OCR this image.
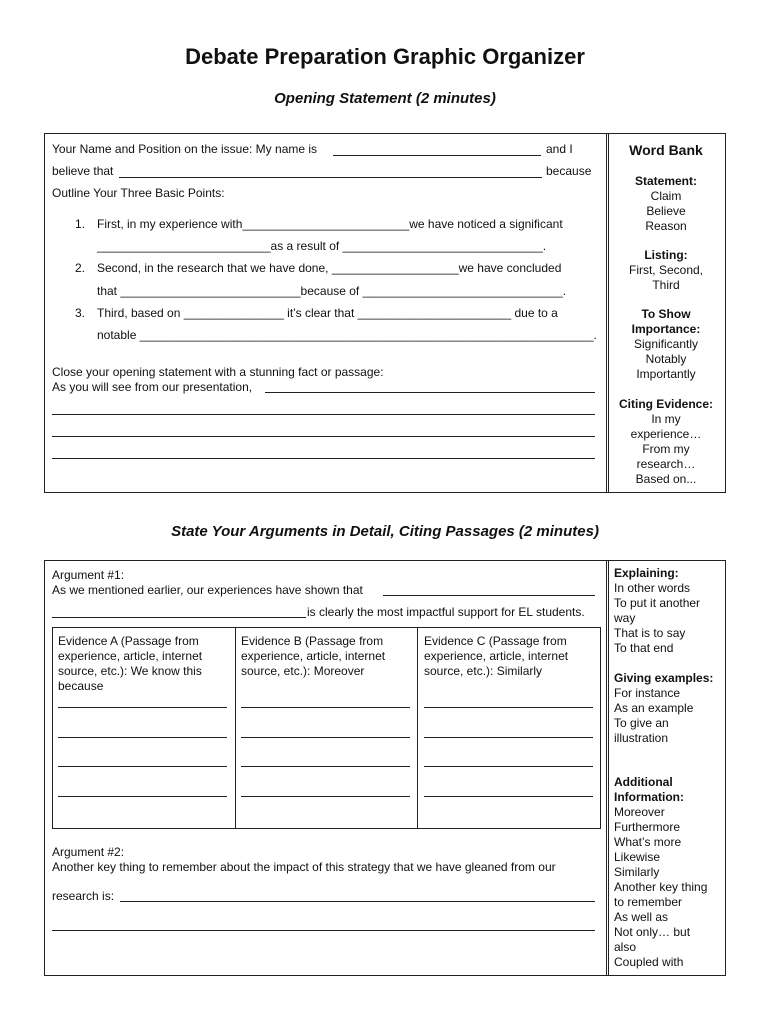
Debate Preparation Graphic Organizer
Opening Statement (2 minutes)
Your Name and Position on the issue: My name is	and I
believe that	because
Outline Your Three Basic Points:
1. First, in my experience with_________________________we have noticed a significant
__________________________as a result of ______________________________.
2. Second, in the research that we have done, ___________________we have concluded
that ___________________________because of ______________________________.
3. Third, based on _______________ it’s clear that _______________________ due to a
notable ____________________________________________________________________.
Close your opening statement with a stunning fact or passage:
As you will see from our presentation,
Word Bank
Statement:
Claim
Believe
Reason
Listing:
First, Second,
Third
To Show
Importance:
Significantly
Notably
Importantly
Citing Evidence:
In my
experience…
From my
research…
Based on...
State Your Arguments in Detail, Citing Passages (2 minutes)
Argument #1:
As we mentioned earlier, our experiences have shown that
is clearly the most impactful support for EL students.
Evidence A (Passage from
experience, article, internet
source, etc.): We know this
because
Evidence B (Passage from
experience, article, internet
source, etc.): Moreover
Evidence C (Passage from
experience, article, internet
source, etc.): Similarly
Argument #2:
Another key thing to remember about the impact of this strategy that we have gleaned from our
research is:
Explaining:
In other words
To put it another
way
That is to say
To that end
Giving examples:
For instance
As an example
To give an
illustration
Additional
Information:
Moreover
Furthermore
What’s more
Likewise
Similarly
Another key thing
to remember
As well as
Not only… but
also
Coupled with
